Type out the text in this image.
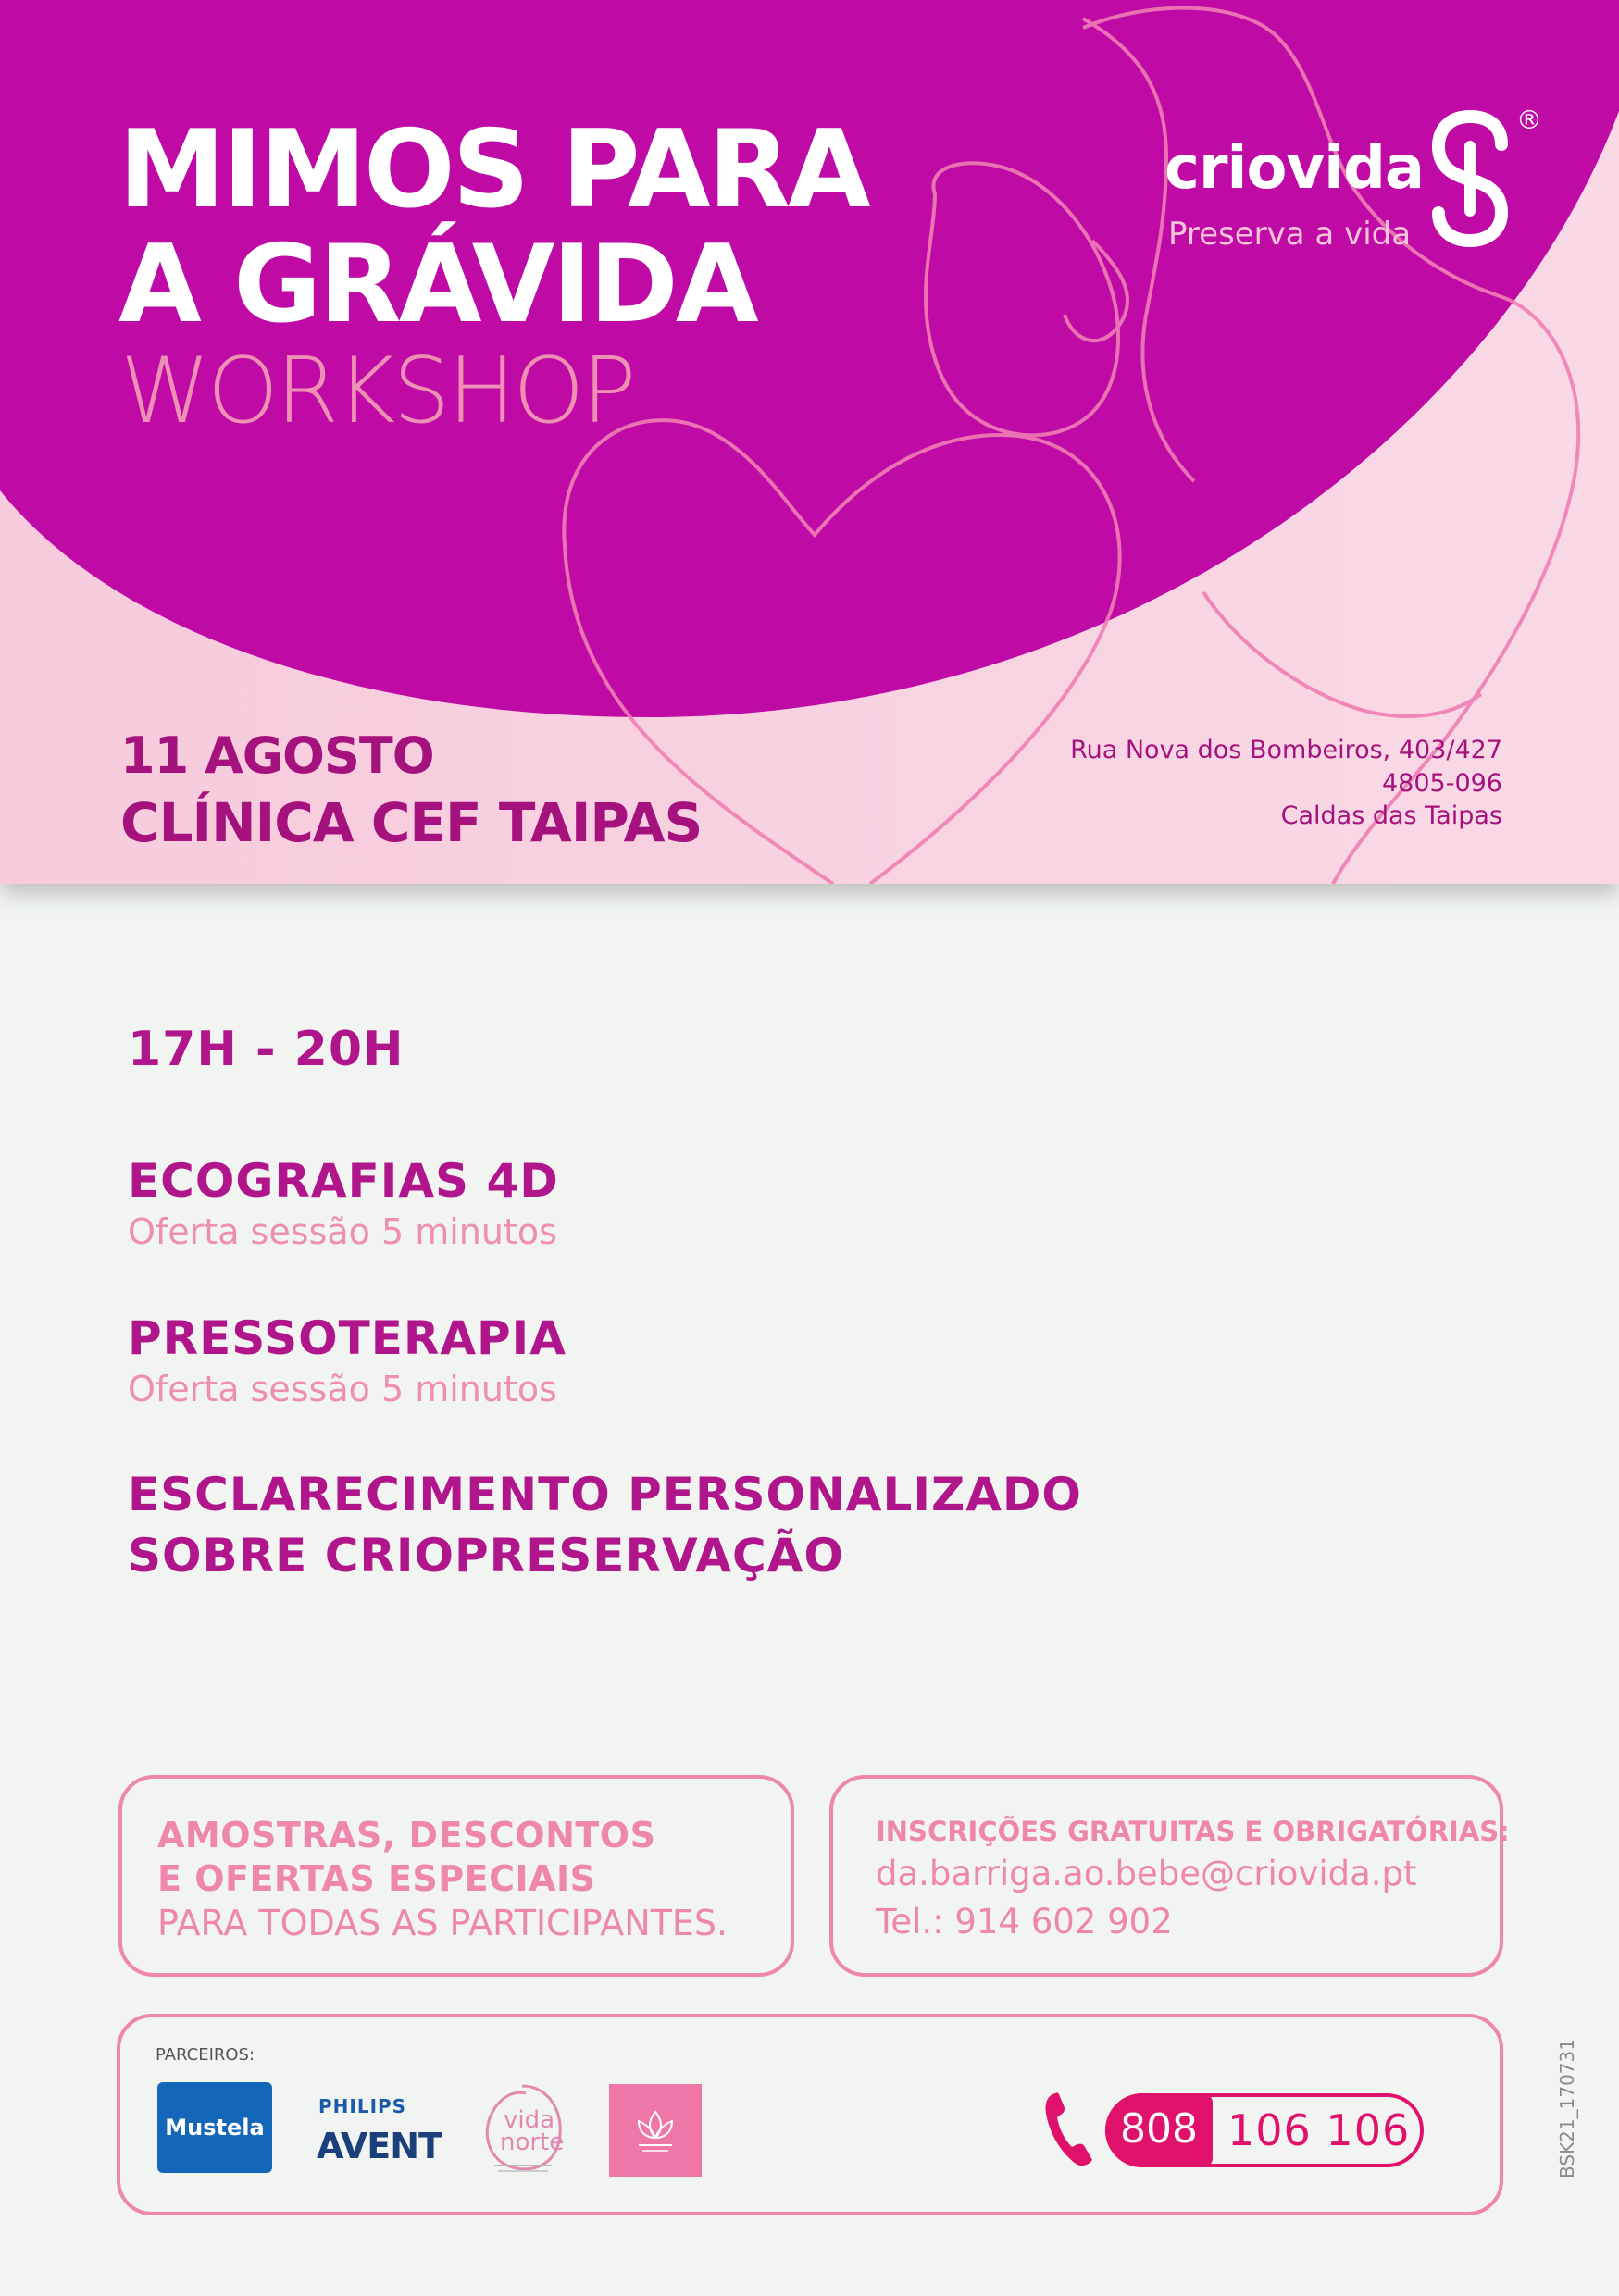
MIMOS PARA
A GRÁVIDA
WORKSHOP
criovida
Preserva a vida
®
11 AGOSTO
CLÍNICA CEF TAIPAS
Rua Nova dos Bombeiros, 403/427
4805-096
Caldas das Taipas
17H - 20H
ECOGRAFIAS 4D
Oferta sessão 5 minutos
PRESSOTERAPIA
Oferta sessão 5 minutos
ESCLARECIMENTO PERSONALIZADO
SOBRE CRIOPRESERVAÇÃO
AMOSTRAS, DESCONTOS
E OFERTAS ESPECIAIS
PARA TODAS AS PARTICIPANTES.
INSCRIÇÕES GRATUITAS E OBRIGATÓRIAS:
da.barriga.ao.bebe@criovida.pt
Tel.: 914 602 902
PARCEIROS:
Mustela
PHILIPS
AVENT
vida
norte	808 106 106	BSK21_170731
